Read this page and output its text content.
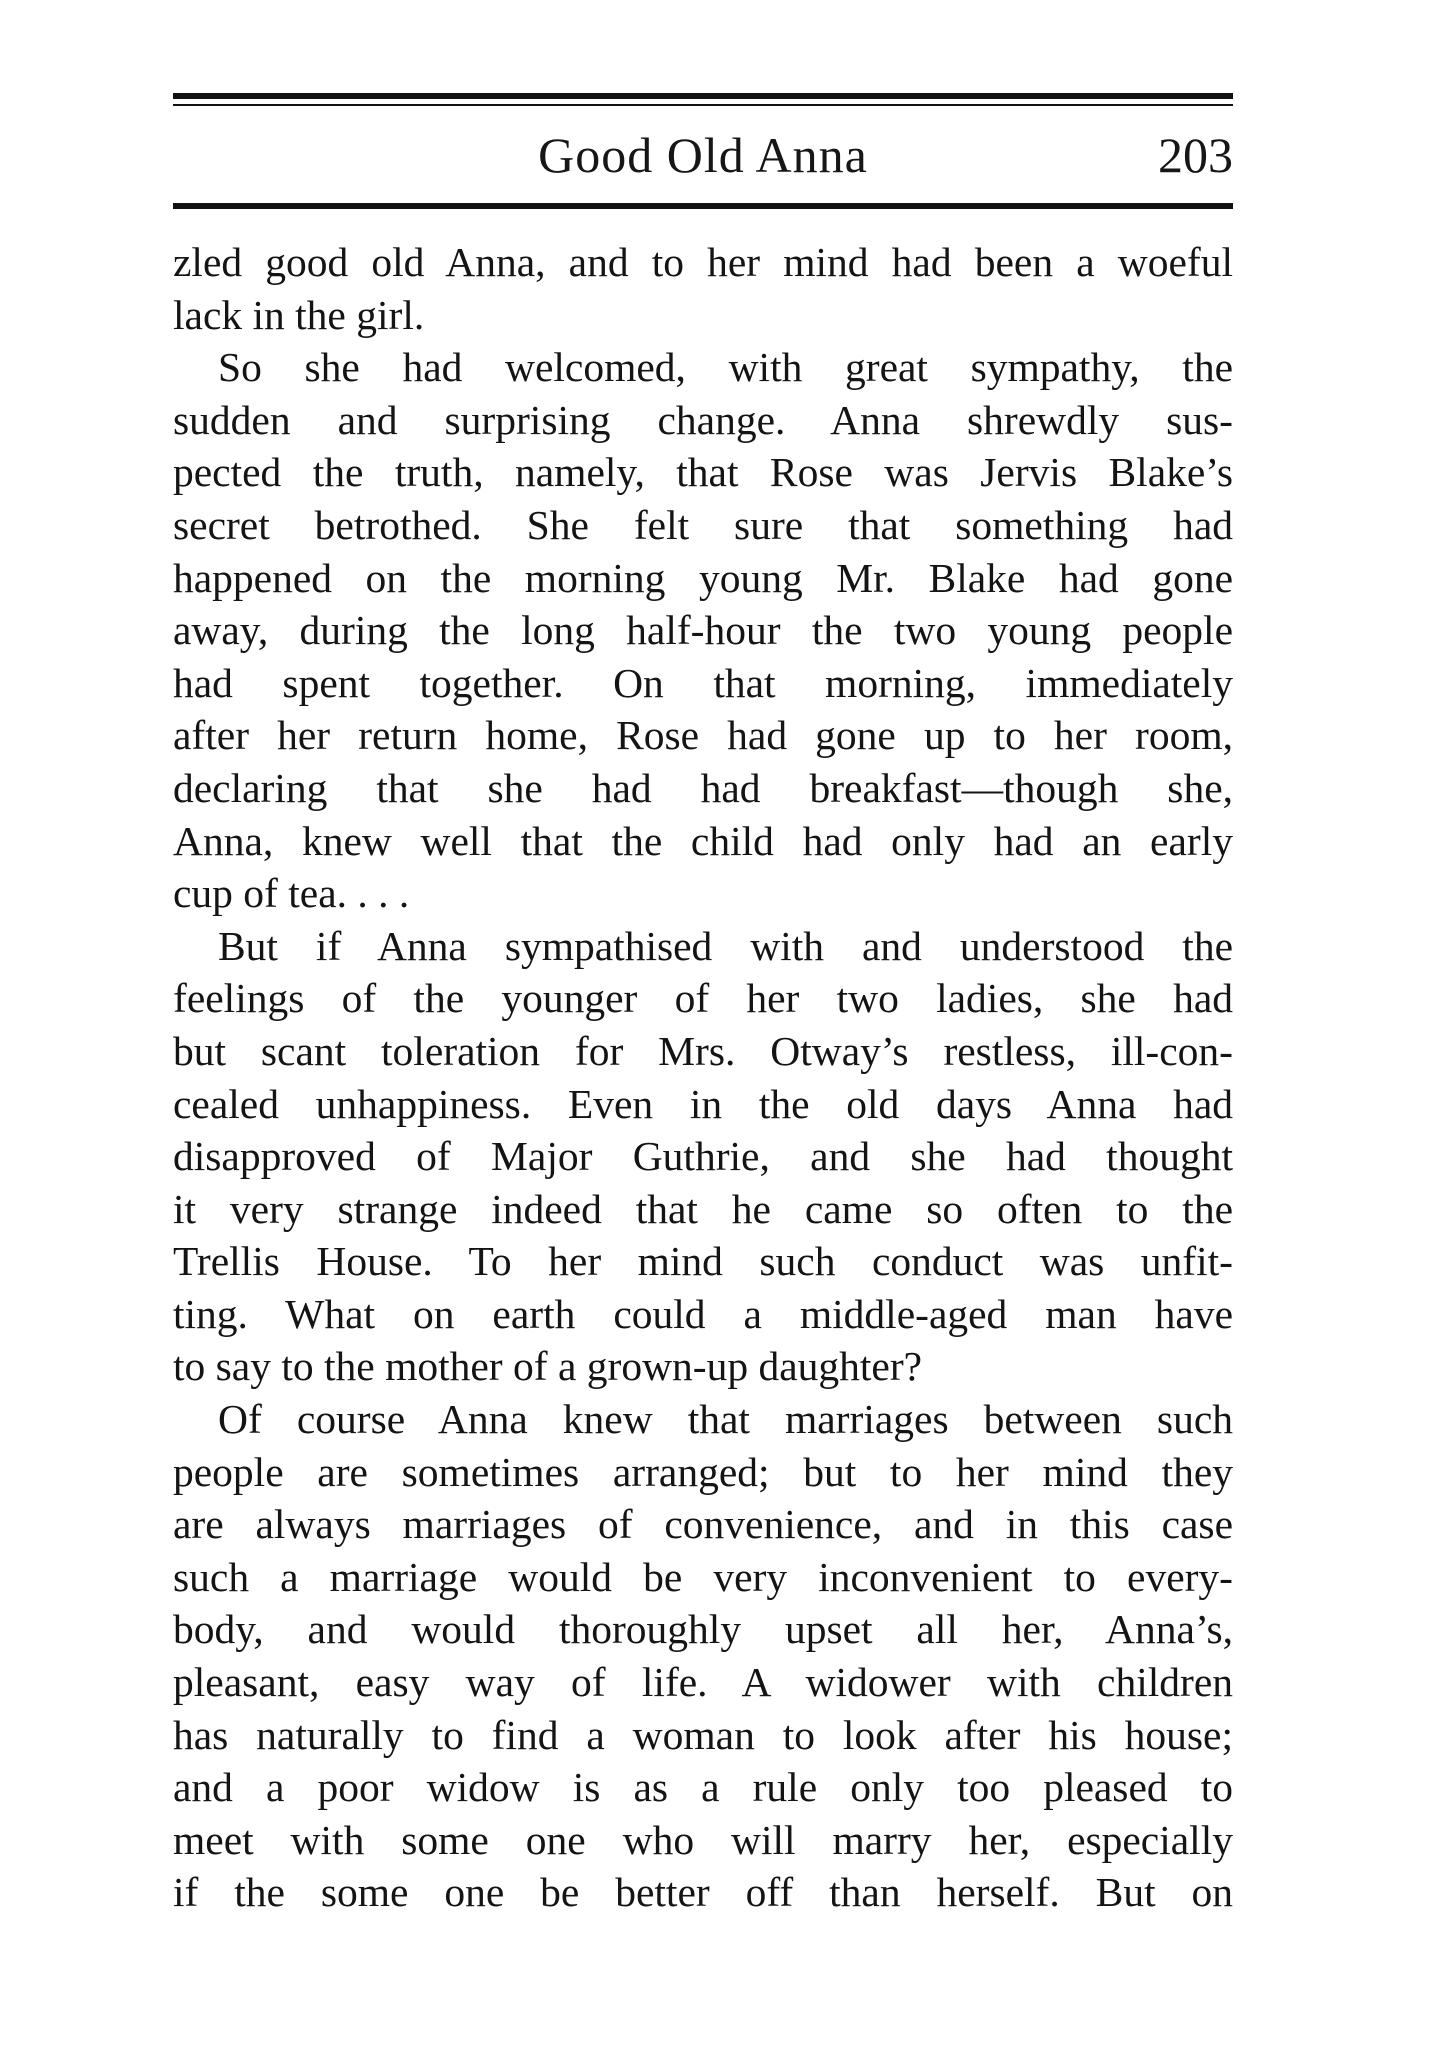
Good Old Anna	203
zled good old Anna, and to her mind had been a woeful
lack in the girl.
So she had welcomed, with great sympathy, the
sudden and surprising change. Anna shrewdly sus-
pected the truth, namely, that Rose was Jervis Blake’s
secret betrothed. She felt sure that something had
happened on the morning young Mr. Blake had gone
away, during the long half-hour the two young people
had spent together. On that morning, immediately
after her return home, Rose had gone up to her room,
declaring that she had had breakfast—though she,
Anna, knew well that the child had only had an early
cup of tea. . . .
But if Anna sympathised with and understood the
feelings of the younger of her two ladies, she had
but scant toleration for Mrs. Otway’s restless, ill-con-
cealed unhappiness. Even in the old days Anna had
disapproved of Major Guthrie, and she had thought
it very strange indeed that he came so often to the
Trellis House. To her mind such conduct was unfit-
ting. What on earth could a middle-aged man have
to say to the mother of a grown-up daughter?
Of course Anna knew that marriages between such
people are sometimes arranged; but to her mind they
are always marriages of convenience, and in this case
such a marriage would be very inconvenient to every-
body, and would thoroughly upset all her, Anna’s,
pleasant, easy way of life. A widower with children
has naturally to find a woman to look after his house;
and a poor widow is as a rule only too pleased to
meet with some one who will marry her, especially
if the some one be better off than herself. But on
